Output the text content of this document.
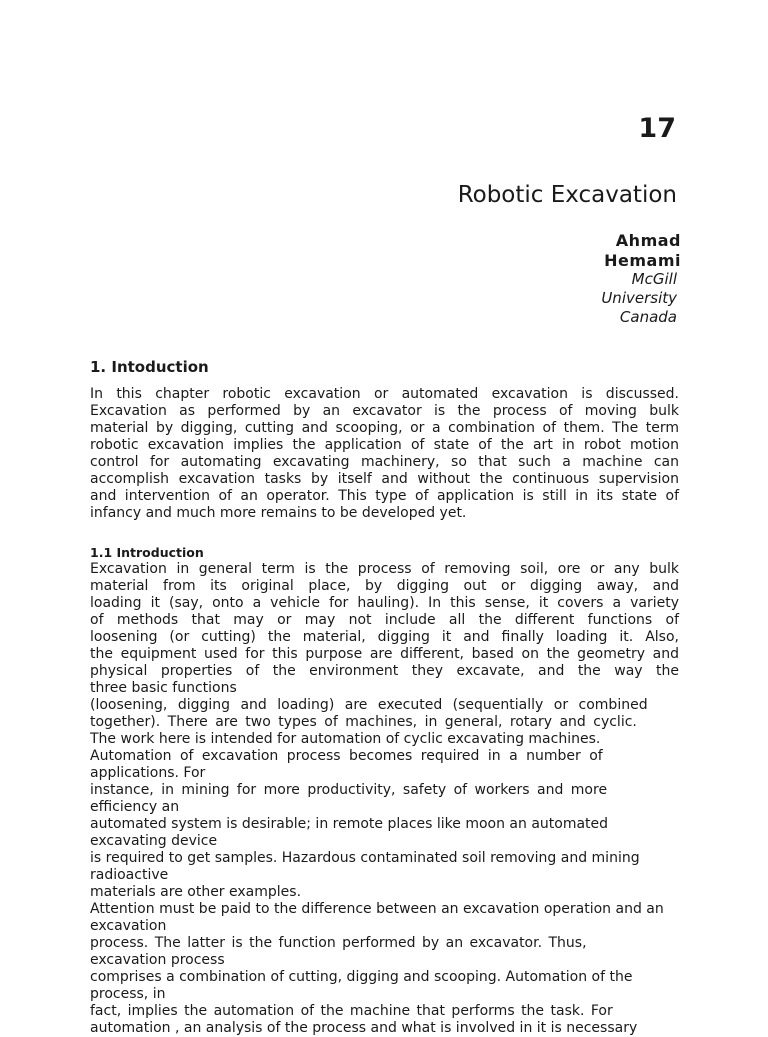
17
Robotic Excavation
Ahmad
Hemami
McGill
University
Canada
1. Intoduction
In this chapter robotic excavation or automated excavation is discussed.
Excavation as performed by an excavator is the process of moving bulk
material by digging, cutting and scooping, or a combination of them. The term
robotic excavation implies the application of state of the art in robot motion
control for automating excavating machinery, so that such a machine can
accomplish excavation tasks by itself and without the continuous supervision
and intervention of an operator. This type of application is still in its state of
infancy and much more remains to be developed yet.
1.1 Introduction
Excavation in general term is the process of removing soil, ore or any bulk
material from its original place, by digging out or digging away, and
loading it (say, onto a vehicle for hauling). In this sense, it covers a variety
of methods that may or may not include all the different functions of
loosening (or cutting) the material, digging it and finally loading it. Also,
the equipment used for this purpose are different, based on the geometry and
physical properties of the environment they excavate, and the way the
three basic functions
(loosening, digging and loading) are executed (sequentially or combined
together). There are two types of machines, in general, rotary and cyclic.
The work here is intended for automation of cyclic excavating machines.
Automation of excavation process becomes required in a number of
applications. For
instance, in mining for more productivity, safety of workers and more
efficiency an
automated system is desirable; in remote places like moon an automated
excavating device
is required to get samples. Hazardous contaminated soil removing and mining
radioactive
materials are other examples.
Attention must be paid to the difference between an excavation operation and an
excavation
process. The latter is the function performed by an excavator. Thus,
excavation process
comprises a combination of cutting, digging and scooping. Automation of the
process, in
fact, implies the automation of the machine that performs the task. For
automation , an analysis of the process and what is involved in it is necessary
